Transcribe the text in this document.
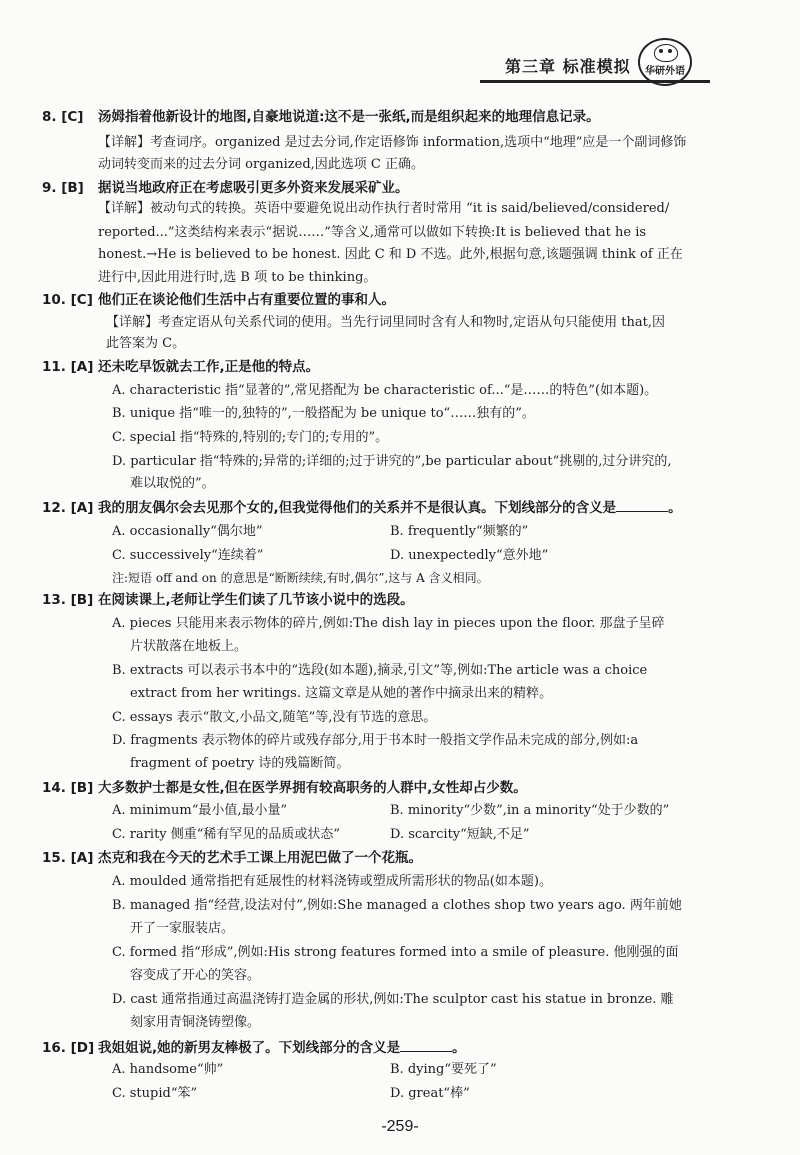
第三章 标准模拟	华研外语
8. [C] 汤姆指着他新设计的地图,自豪地说道:这不是一张纸,而是组织起来的地理信息记录。
【详解】考查词序。organized 是过去分词,作定语修饰 information,选项中“地理”应是一个副词修饰
动词转变而来的过去分词 organized,因此选项 C 正确。
9. [B] 据说当地政府正在考虑吸引更多外资来发展采矿业。
【详解】被动句式的转换。英语中要避免说出动作执行者时常用 “it is said/believed/considered/
reported...”这类结构来表示“据说……”等含义,通常可以做如下转换:It is believed that he is
honest.→He is believed to be honest. 因此 C 和 D 不选。此外,根据句意,该题强调 think of 正在
进行中,因此用进行时,选 B 项 to be thinking。
10. [C] 他们正在谈论他们生活中占有重要位置的事和人。
【详解】考查定语从句关系代词的使用。当先行词里同时含有人和物时,定语从句只能使用 that,因
此答案为 C。
11. [A] 还未吃早饭就去工作,正是他的特点。
A. characteristic 指“显著的”,常见搭配为 be characteristic of...“是……的特色”(如本题)。
B. unique 指“唯一的,独特的”,一般搭配为 be unique to“……独有的”。
C. special 指“特殊的,特别的;专门的;专用的”。
D. particular 指“特殊的;异常的;详细的;过于讲究的”,be particular about“挑剔的,过分讲究的,
难以取悦的”。
12. [A] 我的朋友偶尔会去见那个女的,但我觉得他们的关系并不是很认真。下划线部分的含义是	。
A. occasionally“偶尔地”	B. frequently“频繁的”
C. successively“连续着”	D. unexpectedly“意外地”
注:短语 off and on 的意思是“断断续续,有时,偶尔”,这与 A 含义相同。
13. [B] 在阅读课上,老师让学生们读了几节该小说中的选段。
A. pieces 只能用来表示物体的碎片,例如:The dish lay in pieces upon the floor. 那盘子呈碎
片状散落在地板上。
B. extracts 可以表示书本中的“选段(如本题),摘录,引文”等,例如:The article was a choice
extract from her writings. 这篇文章是从她的著作中摘录出来的精粹。
C. essays 表示“散文,小品文,随笔”等,没有节选的意思。
D. fragments 表示物体的碎片或残存部分,用于书本时一般指文学作品未完成的部分,例如:a
fragment of poetry 诗的残篇断简。
14. [B] 大多数护士都是女性,但在医学界拥有较高职务的人群中,女性却占少数。
A. minimum“最小值,最小量”	B. minority“少数”,in a minority“处于少数的”
C. rarity 侧重“稀有罕见的品质或状态”	D. scarcity“短缺,不足”
15. [A] 杰克和我在今天的艺术手工课上用泥巴做了一个花瓶。
A. moulded 通常指把有延展性的材料浇铸或塑成所需形状的物品(如本题)。
B. managed 指“经营,设法对付”,例如:She managed a clothes shop two years ago. 两年前她
开了一家服装店。
C. formed 指“形成”,例如:His strong features formed into a smile of pleasure. 他刚强的面
容变成了开心的笑容。
D. cast 通常指通过高温浇铸打造金属的形状,例如:The sculptor cast his statue in bronze. 雕
刻家用青铜浇铸塑像。
16. [D] 我姐姐说,她的新男友棒极了。下划线部分的含义是	。
A. handsome“帅”	B. dying“要死了”
C. stupid“笨”	D. great“棒”
-259-
